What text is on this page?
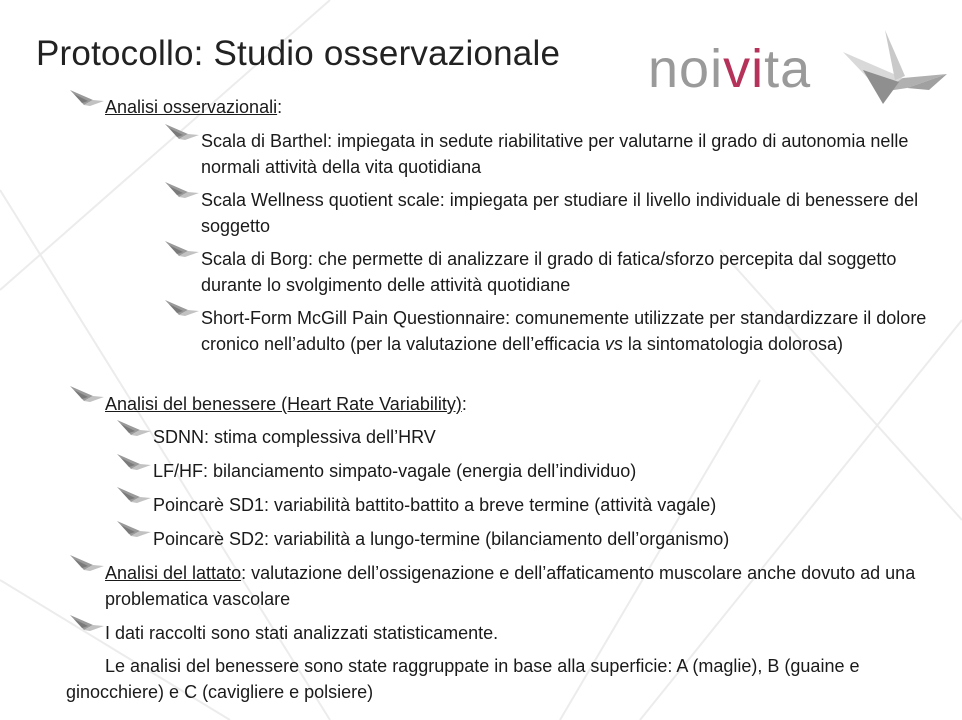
Protocollo: Studio osservazionale noivita
Analisi osservazionali:
Scala di Barthel: impiegata in sedute riabilitative per valutarne il grado di autonomia nelle normali attività della vita quotidiana
Scala Wellness quotient scale: impiegata per studiare il livello individuale di benessere del soggetto
Scala di Borg: che permette di analizzare il grado di fatica/sforzo percepita dal soggetto durante lo svolgimento delle attività quotidiane
Short-Form McGill Pain Questionnaire: comunemente utilizzate per standardizzare il dolore cronico nell’adulto (per la valutazione dell’efficacia vs la sintomatologia dolorosa)
Analisi del benessere (Heart Rate Variability):
SDNN: stima complessiva dell’HRV
LF/HF: bilanciamento simpato-vagale (energia dell’individuo)
Poincarè SD1: variabilità battito-battito a breve termine (attività vagale)
Poincarè SD2: variabilità a lungo-termine (bilanciamento dell’organismo)
Analisi del lattato: valutazione dell’ossigenazione e dell’affaticamento muscolare anche dovuto ad una problematica vascolare
I dati raccolti sono stati analizzati statisticamente.
Le analisi del benessere sono state raggruppate in base alla superficie: A (maglie), B (guaine e ginocchiere) e C (cavigliere e polsiere)
